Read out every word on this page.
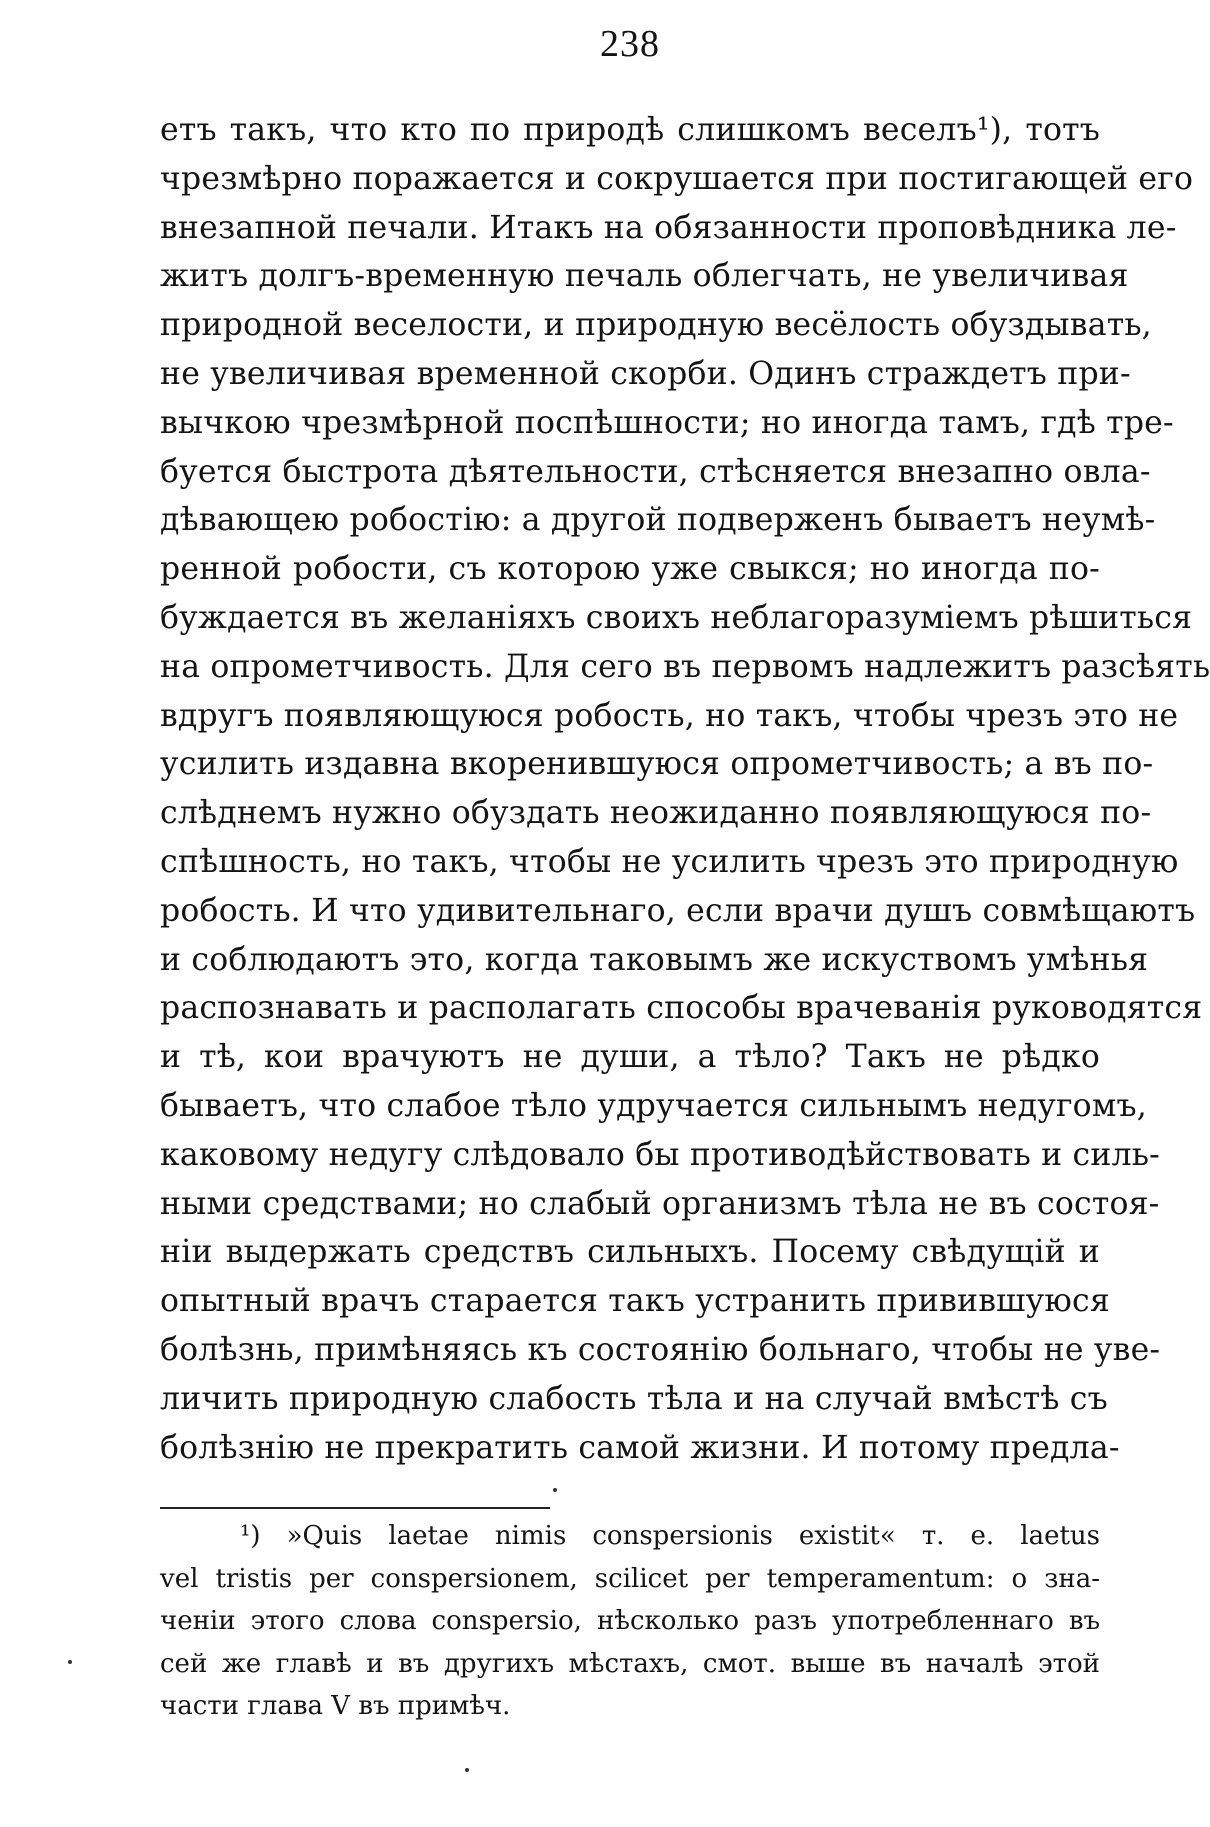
238
етъ такъ, что кто по природѣ слишкомъ веселъ¹), тотъ
чрезмѣрно поражается и сокрушается при постигающей его
внезапной печали. Итакъ на обязанности проповѣдника ле-
житъ долгъ-временную печаль облегчать, не увеличивая
природной веселости, и природную весёлость обуздывать,
не увеличивая временной скорби. Одинъ страждетъ при-
вычкою чрезмѣрной поспѣшности; но иногда тамъ, гдѣ тре-
буется быстрота дѣятельности, стѣсняется внезапно овла-
дѣвающею робостію: а другой подверженъ бываетъ неумѣ-
ренной робости, съ которою уже свыкся; но иногда по-
буждается въ желаніяхъ своихъ неблагоразуміемъ рѣшиться
на опрометчивость. Для сего въ первомъ надлежитъ разсѣять
вдругъ появляющуюся робость, но такъ, чтобы чрезъ это не
усилить издавна вкоренившуюся опрометчивость; а въ по-
слѣднемъ нужно обуздать неожиданно появляющуюся по-
спѣшность, но такъ, чтобы не усилить чрезъ это природную
робость. И что удивительнаго, если врачи душъ совмѣщаютъ
и соблюдаютъ это, когда таковымъ же искуствомъ умѣнья
распознавать и располагать способы врачеванія руководятся
и тѣ, кои врачуютъ не души, а тѣло? Такъ не рѣдко
бываетъ, что слабое тѣло удручается сильнымъ недугомъ,
каковому недугу слѣдовало бы противодѣйствовать и силь-
ными средствами; но слабый организмъ тѣла не въ состоя-
ніи выдержать средствъ сильныхъ. Посему свѣдущій и
опытный врачъ старается такъ устранить привившуюся
болѣзнь, примѣняясь къ состоянію больнаго, чтобы не уве-
личить природную слабость тѣла и на случай вмѣстѣ съ
болѣзнію не прекратить самой жизни. И потому предла-
¹) »Quis laetae nimis conspersionis existit« т. е. laetus
vel tristis per conspersionem, scilicet per temperamentum: о зна-
ченіи этого слова conspersio, нѣсколько разъ употребленнаго въ
сей же главѣ и въ другихъ мѣстахъ, смот. выше въ началѣ этой
части глава V въ примѣч.
